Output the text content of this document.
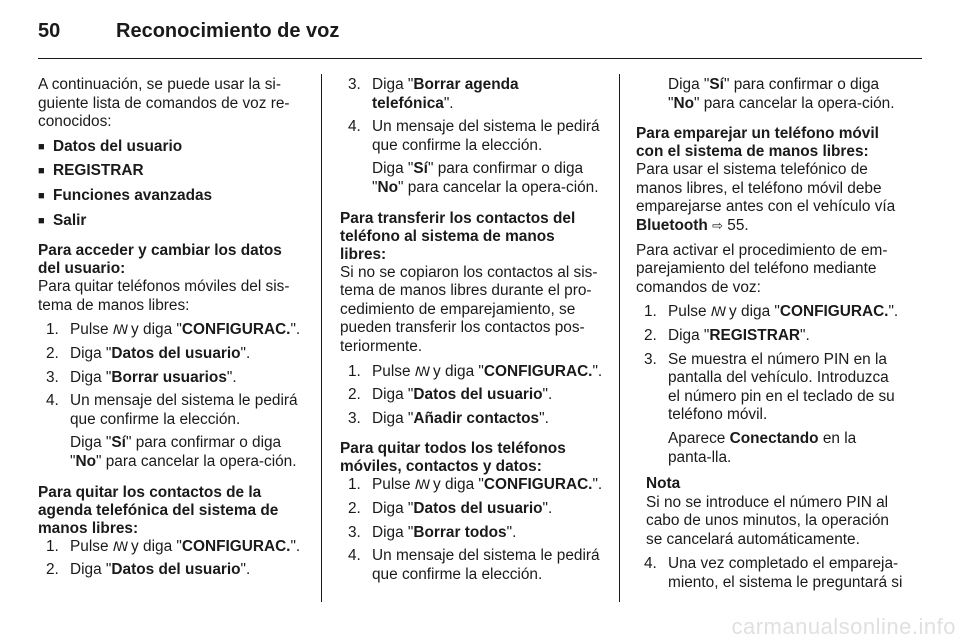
50	Reconocimiento de voz

A continuación, se puede usar la si-guiente lista de comandos de voz re-conocidos:

■ Datos del usuario
■ REGISTRAR
■ Funciones avanzadas
■ Salir

Para acceder y cambiar los datos del usuario:

Para quitar teléfonos móviles del sis-tema de manos libres:

1. Pulse ꟿ y diga "CONFIGURAC.".
2. Diga "Datos del usuario".
3. Diga "Borrar usuarios".
4. Un mensaje del sistema le pedirá que confirme la elección.

Diga "Sí" para confirmar o diga "No" para cancelar la opera-ción.

Para quitar los contactos de la agenda telefónica del sistema de manos libres:

1. Pulse ꟿ y diga "CONFIGURAC.".
2. Diga "Datos del usuario".
3. Diga "Borrar agenda telefónica".
4. Un mensaje del sistema le pedirá que confirme la elección.

Diga "Sí" para confirmar o diga "No" para cancelar la opera-ción.

Para transferir los contactos del teléfono al sistema de manos libres:

Si no se copiaron los contactos al sis-tema de manos libres durante el pro-cedimiento de emparejamiento, se pueden transferir los contactos pos-teriormente.

1. Pulse ꟿ y diga "CONFIGURAC.".
2. Diga "Datos del usuario".
3. Diga "Añadir contactos".

Para quitar todos los teléfonos móviles, contactos y datos:

1. Pulse ꟿ y diga "CONFIGURAC.".
2. Diga "Datos del usuario".
3. Diga "Borrar todos".
4. Un mensaje del sistema le pedirá que confirme la elección.

Diga "Sí" para confirmar o diga "No" para cancelar la opera-ción.

Para emparejar un teléfono móvil con el sistema de manos libres:

Para usar el sistema telefónico de manos libres, el teléfono móvil debe emparejarse antes con el vehículo vía Bluetooth ⇨ 55.

Para activar el procedimiento de em-parejamiento del teléfono mediante comandos de voz:

1. Pulse ꟿ y diga "CONFIGURAC.".
2. Diga "REGISTRAR".
3. Se muestra el número PIN en la pantalla del vehículo. Introduzca el número pin en el teclado de su teléfono móvil.

Aparece Conectando en la panta-lla.

Nota

Si no se introduce el número PIN al cabo de unos minutos, la operación se cancelará automáticamente.

4. Una vez completado el empareja-miento, el sistema le preguntará si
carmanualsonline.info
